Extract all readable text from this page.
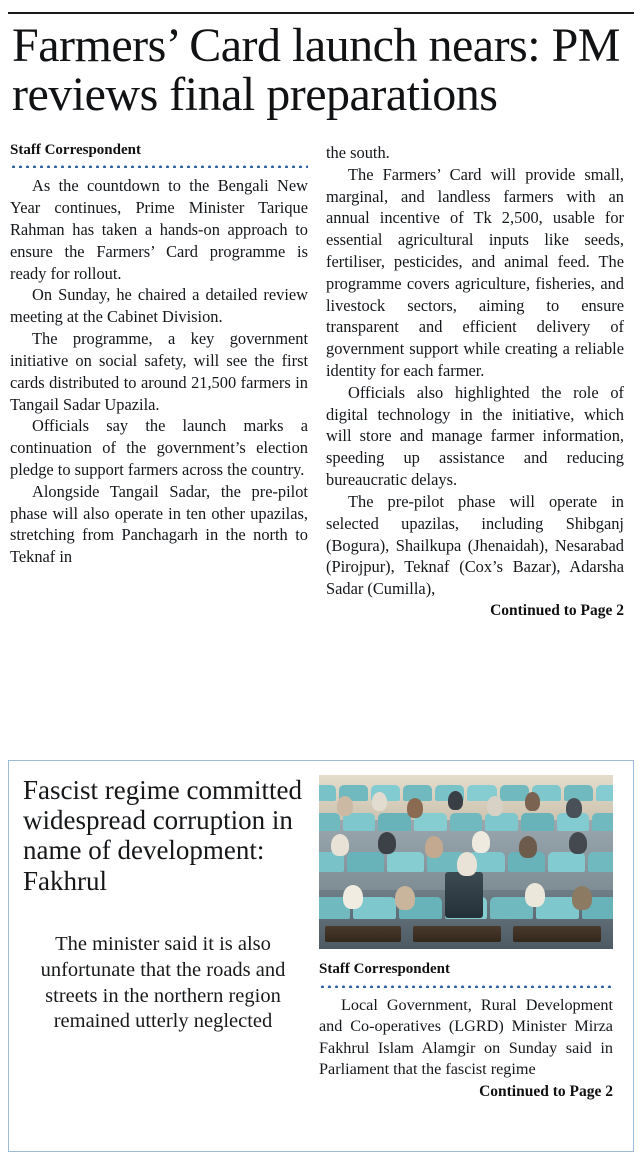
Farmers’ Card launch nears: PM reviews final preparations
Staff Correspondent

As the countdown to the Bengali New Year continues, Prime Minister Tarique Rahman has taken a hands-on approach to ensure the Farmers’ Card programme is ready for rollout.

On Sunday, he chaired a detailed review meeting at the Cabinet Division.

The programme, a key government initiative on social safety, will see the first cards distributed to around 21,500 farmers in Tangail Sadar Upazila.

Officials say the launch marks a continuation of the government’s election pledge to support farmers across the country.

Alongside Tangail Sadar, the pre-pilot phase will also operate in ten other upazilas, stretching from Panchagarh in the north to Teknaf in

the south.

The Farmers’ Card will provide small, marginal, and landless farmers with an annual incentive of Tk 2,500, usable for essential agricultural inputs like seeds, fertiliser, pesticides, and animal feed. The programme covers agriculture, fisheries, and livestock sectors, aiming to ensure transparent and efficient delivery of government support while creating a reliable identity for each farmer.

Officials also highlighted the role of digital technology in the initiative, which will store and manage farmer information, speeding up assistance and reducing bureaucratic delays.

The pre-pilot phase will operate in selected upazilas, including Shibganj (Bogura), Shailkupa (Jhenaidah), Nesarabad (Pirojpur), Teknaf (Cox’s Bazar), Adarsha Sadar (Cumilla),

Continued to Page 2
Fascist regime committed widespread corruption in name of development: Fakhrul
The minister said it is also unfortunate that the roads and streets in the northern region remained utterly neglected
Staff Correspondent

Local Government, Rural Development and Co-operatives (LGRD) Minister Mirza Fakhrul Islam Alamgir on Sunday said in Parliament that the fascist regime

Continued to Page 2
